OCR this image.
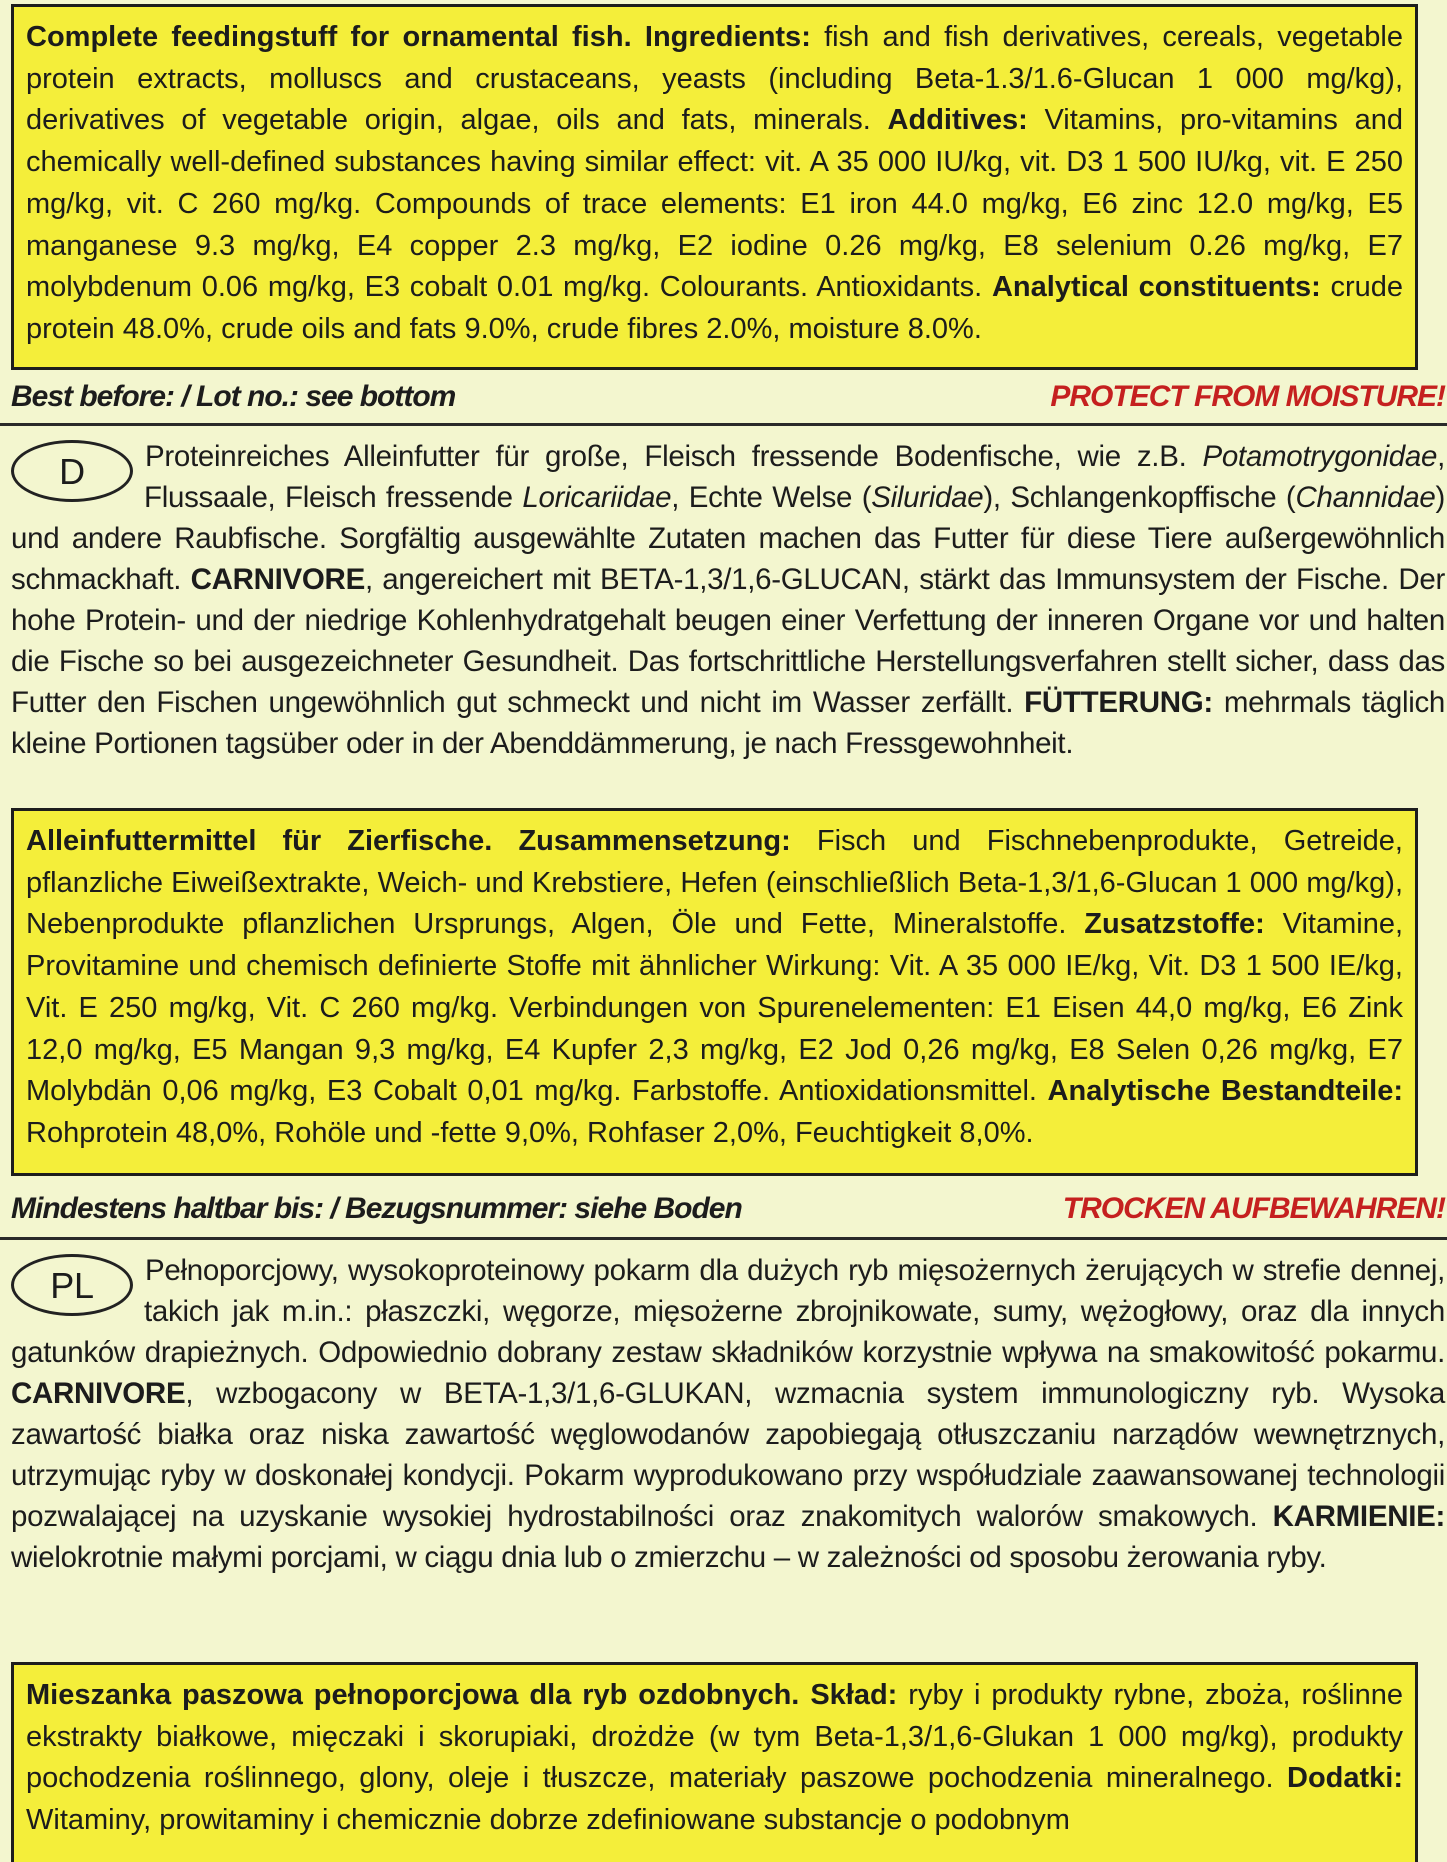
Complete feedingstuff for ornamental fish. Ingredients: fish and fish derivatives, cereals, vegetable protein extracts, molluscs and crustaceans, yeasts (including Beta-1.3/1.6-Glucan 1 000 mg/kg), derivatives of vegetable origin, algae, oils and fats, minerals. Additives: Vitamins, pro-vitamins and chemically well-defined substances having similar effect: vit. A 35 000 IU/kg, vit. D3 1 500 IU/kg, vit. E 250 mg/kg, vit. C 260 mg/kg. Compounds of trace elements: E1 iron 44.0 mg/kg, E6 zinc 12.0 mg/kg, E5 manganese 9.3 mg/kg, E4 copper 2.3 mg/kg, E2 iodine 0.26 mg/kg, E8 selenium 0.26 mg/kg, E7 molybdenum 0.06 mg/kg, E3 cobalt 0.01 mg/kg. Colourants. Antioxidants. Analytical constituents: crude protein 48.0%, crude oils and fats 9.0%, crude fibres 2.0%, moisture 8.0%.
Best before: / Lot no.: see bottom	PROTECT FROM MOISTURE!
D	Proteinreiches Alleinfutter für große, Fleisch fressende Bodenfische, wie z.B. Potamotrygonidae, Flussaale, Fleisch fressende Loricariidae, Echte Welse (Siluridae), Schlangenkopffische (Channidae) und andere Raubfische. Sorgfältig ausgewählte Zutaten machen das Futter für diese Tiere außergewöhnlich schmackhaft. CARNIVORE, angereichert mit BETA-1,3/1,6-GLUCAN, stärkt das Immunsystem der Fische. Der hohe Protein- und der niedrige Kohlenhydratgehalt beugen einer Verfettung der inneren Organe vor und halten die Fische so bei ausgezeichneter Gesundheit. Das fortschrittliche Herstellungsverfahren stellt sicher, dass das Futter den Fischen ungewöhnlich gut schmeckt und nicht im Wasser zerfällt. FÜTTERUNG: mehrmals täglich kleine Portionen tagsüber oder in der Abenddämmerung, je nach Fressgewohnheit.
Alleinfuttermittel für Zierfische. Zusammensetzung: Fisch und Fischnebenprodukte, Getreide, pflanzliche Eiweißextrakte, Weich- und Krebstiere, Hefen (einschließlich Beta-1,3/1,6-Glucan 1 000 mg/kg), Nebenprodukte pflanzlichen Ursprungs, Algen, Öle und Fette, Mineralstoffe. Zusatzstoffe: Vitamine, Provitamine und chemisch definierte Stoffe mit ähnlicher Wirkung: Vit. A 35 000 IE/kg, Vit. D3 1 500 IE/kg, Vit. E 250 mg/kg, Vit. C 260 mg/kg. Verbindungen von Spurenelementen: E1 Eisen 44,0 mg/kg, E6 Zink 12,0 mg/kg, E5 Mangan 9,3 mg/kg, E4 Kupfer 2,3 mg/kg, E2 Jod 0,26 mg/kg, E8 Selen 0,26 mg/kg, E7 Molybdän 0,06 mg/kg, E3 Cobalt 0,01 mg/kg. Farbstoffe. Antioxidationsmittel. Analytische Bestandteile: Rohprotein 48,0%, Rohöle und -fette 9,0%, Rohfaser 2,0%, Feuchtigkeit 8,0%.
Mindestens haltbar bis: / Bezugsnummer: siehe Boden	TROCKEN AUFBEWAHREN!
PL	Pełnoporcjowy, wysokoproteinowy pokarm dla dużych ryb mięsożernych żerujących w strefie dennej, takich jak m.in.: płaszczki, węgorze, mięsożerne zbrojnikowate, sumy, wężogłowy, oraz dla innych gatunków drapieżnych. Odpowiednio dobrany zestaw składników korzystnie wpływa na smakowitość pokarmu. CARNIVORE, wzbogacony w BETA-1,3/1,6-GLUKAN, wzmacnia system immunologiczny ryb. Wysoka zawartość białka oraz niska zawartość węglowodanów zapobiegają otłuszczaniu narządów wewnętrznych, utrzymując ryby w doskonałej kondycji. Pokarm wyprodukowano przy współudziale zaawansowanej technologii pozwalającej na uzyskanie wysokiej hydrostabilności oraz znakomitych walorów smakowych. KARMIENIE: wielokrotnie małymi porcjami, w ciągu dnia lub o zmierzchu – w zależności od sposobu żerowania ryby.
Mieszanka paszowa pełnoporcjowa dla ryb ozdobnych. Skład: ryby i produkty rybne, zboża, roślinne ekstrakty białkowe, mięczaki i skorupiaki, drożdże (w tym Beta-1,3/1,6-Glukan 1 000 mg/kg), produkty pochodzenia roślinnego, glony, oleje i tłuszcze, materiały paszowe pochodzenia mineralnego. Dodatki: Witaminy, prowitaminy i chemicznie dobrze zdefiniowane substancje o podobnym
